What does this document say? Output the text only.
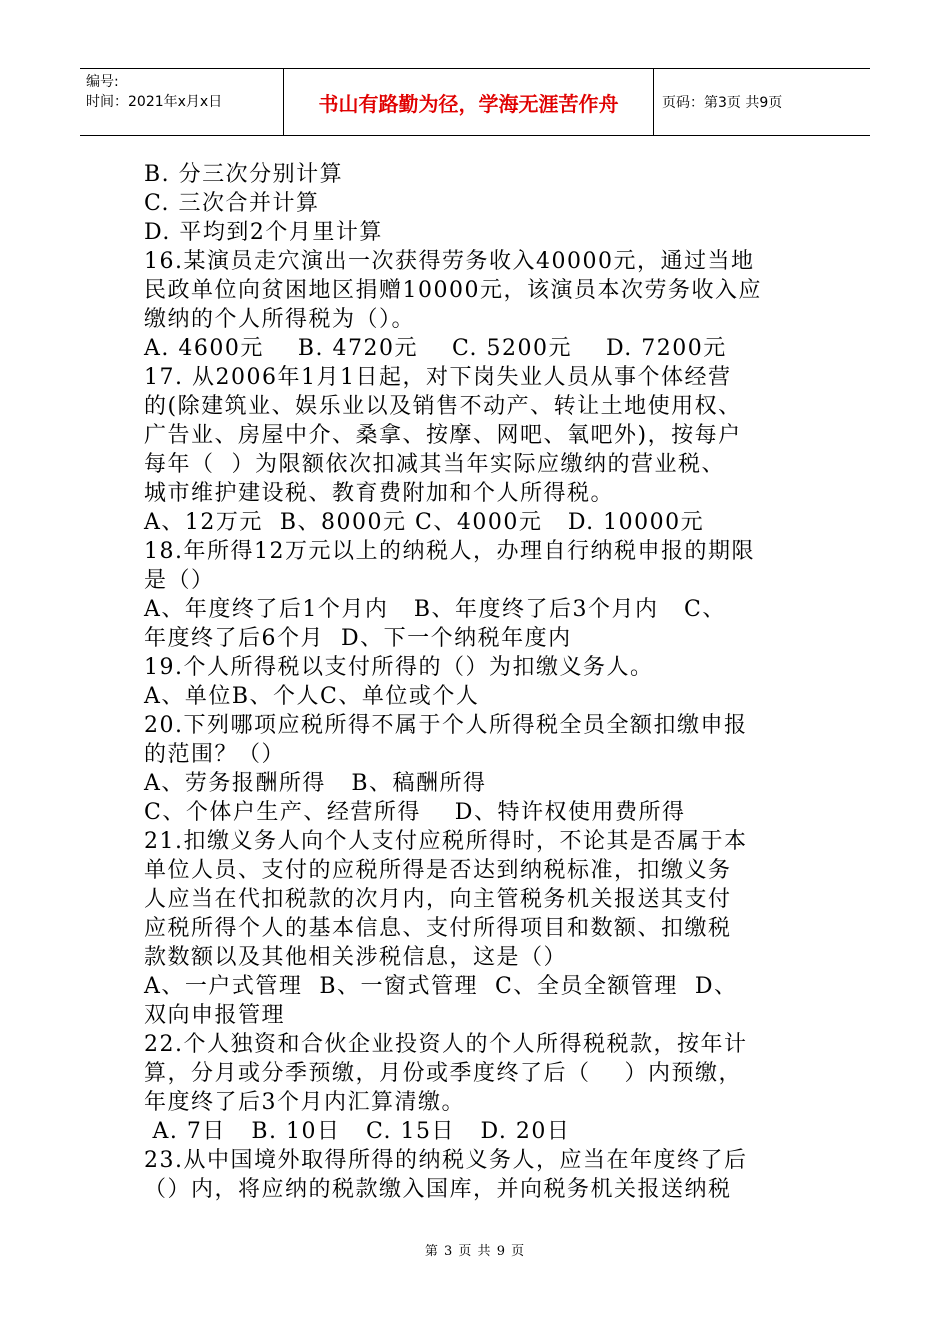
编号:
时间：2021年x月x日	书山有路勤为径，学海无涯苦作舟	页码：第3页 共9页
B. 分三次分别计算
C. 三次合并计算
D. 平均到2个月里计算
16.某演员走穴演出一次获得劳务收入40000元，通过当地
民政单位向贫困地区捐赠10000元，该演员本次劳务收入应
缴纳的个人所得税为（）。
A. 4600元    B. 4720元    C. 5200元    D. 7200元
17. 从2006年1月1日起，对下岗失业人员从事个体经营
的(除建筑业、娱乐业以及销售不动产、转让土地使用权、
广告业、房屋中介、桑拿、按摩、网吧、氧吧外)，按每户
每年（  ）为限额依次扣减其当年实际应缴纳的营业税、
城市维护建设税、教育费附加和个人所得税。
A、12万元  B、8000元 C、4000元   D. 10000元
18.年所得12万元以上的纳税人，办理自行纳税申报的期限
是（）
A、年度终了后1个月内   B、年度终了后3个月内   C、
年度终了后6个月  D、下一个纳税年度内
19.个人所得税以支付所得的（）为扣缴义务人。
A、单位B、个人C、单位或个人
20.下列哪项应税所得不属于个人所得税全员全额扣缴申报
的范围？（）
A、劳务报酬所得   B、稿酬所得
C、个体户生产、经营所得    D、特许权使用费所得
21.扣缴义务人向个人支付应税所得时，不论其是否属于本
单位人员、支付的应税所得是否达到纳税标准，扣缴义务
人应当在代扣税款的次月内，向主管税务机关报送其支付
应税所得个人的基本信息、支付所得项目和数额、扣缴税
款数额以及其他相关涉税信息，这是（）
A、一户式管理  B、一窗式管理  C、全员全额管理  D、
双向申报管理
22.个人独资和合伙企业投资人的个人所得税税款，按年计
算，分月或分季预缴，月份或季度终了后（    ）内预缴，
年度终了后3个月内汇算清缴。
A. 7日   B. 10日   C. 15日   D. 20日
23.从中国境外取得所得的纳税义务人，应当在年度终了后
（）内，将应纳的税款缴入国库，并向税务机关报送纳税
第 3 页 共 9 页
